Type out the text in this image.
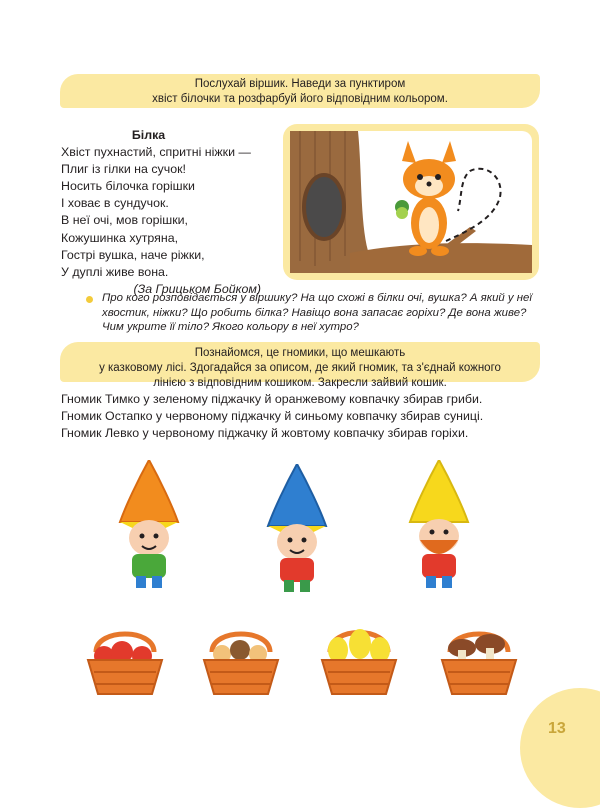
Послухай віршик. Наведи за пунктиром
хвіст білочки та розфарбуй його відповідним кольором.
Білка
Хвіст пухнастий, спритні ніжки —
Плиг із гілки на сучок!
Носить білочка горішки
І ховає в сундучок.
В неї очі, мов горішки,
Кожушинка хутряна,
Гострі вушка, наче ріжки,
У дуплі живе вона.
(За Грицьком Бойком)
Про кого розповідається у віршику? На що схожі в білки очі, вушка? А який у неї
хвостик, ніжки? Що робить білка? Навіщо вона запасає горіхи? Де вона живе?
Чим укрите її тіло? Якого кольору в неї хутро?
Познайомся, це гномики, що мешкають
у казковому лісі. Здогадайся за описом, де який гномик, та з'єднай кожного
лінією з відповідним кошиком. Закресли зайвий кошик.
Гномик Тимко у зеленому піджачку й оранжевому ковпачку збирав гриби.
Гномик Остапко у червоному піджачку й синьому ковпачку збирав суниці.
Гномик Левко у червоному піджачку й жовтому ковпачку збирав горіхи.
13
